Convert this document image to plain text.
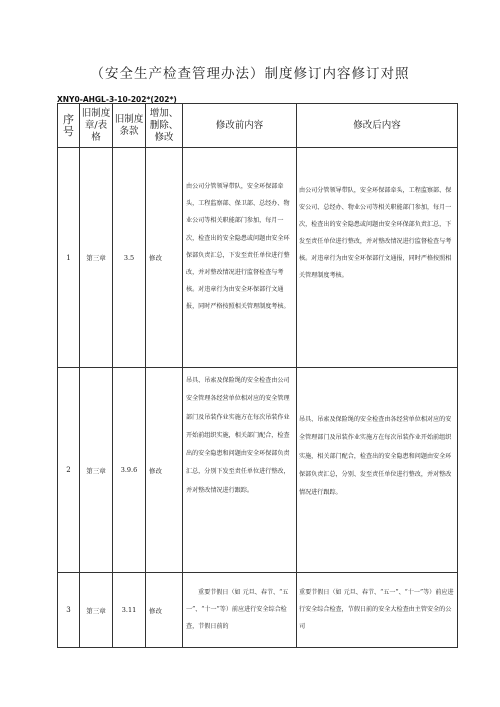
（安全生产检查管理办法）制度修订内容修订对照
XNY0-AHGL-3-10-202*(202*)
序号	旧制度章/表格	旧制度条款	增加、删除、修改	修改前内容	修改后内容
1	第三章	3.5	修改	由公司分管领导带队，安全环保部牵头，工程监察部、保卫部、总经办、物业公司等相关职能部门参加，每月一次，检查出的安全隐患或问题由安全环保部负责汇总，下发至责任单位进行整改，并对整改情况进行监督检查与考核。对违章行为由安全环保部行文通报，同时严格按照相关管理制度考核。	由公司分管领导带队，安全环保部牵头，工程监察部、保安公司、总经办、物业公司等相关职能部门参加，每月一次，检查出的安全隐患或问题由安全环保部负责汇总，下发至责任单位进行整改，并对整改情况进行监督检查与考核。对违章行为由安全环保部行文通报，同时严格按照相关管理制度考核。

2	第三章	3.9.6	修改	吊具、吊索及保险绳的安全检查由公司安全管理各经营单位相对应的安全管理部门及吊装作业实施方在每次吊装作业开始前组织实施，相关部门配合，检查出的安全隐患和问题由安全环保部负责汇总，分别下发至责任单位进行整改，并对整改情况进行跟踪。	吊具、吊索及保险绳的安全检查由各经营单位相对应的安全管理部门及吊装作业实施方在每次吊装作业开始前组织实施，相关部门配合，检查出的安全隐患和问题由安全环保部负责汇总，分别、发至责任单位进行整改，并对整改情况进行跟踪。

3	第三章	3.11	修改	重要节假日（如 元旦、春节、“五一”、“十一”等）前应进行安全综合检查，节假日前的	重要节假日（如 元旦、春节、“五一”、“十一”等）前应进行安全综合检查，节假日前的安全大检查由主管安全的公司
